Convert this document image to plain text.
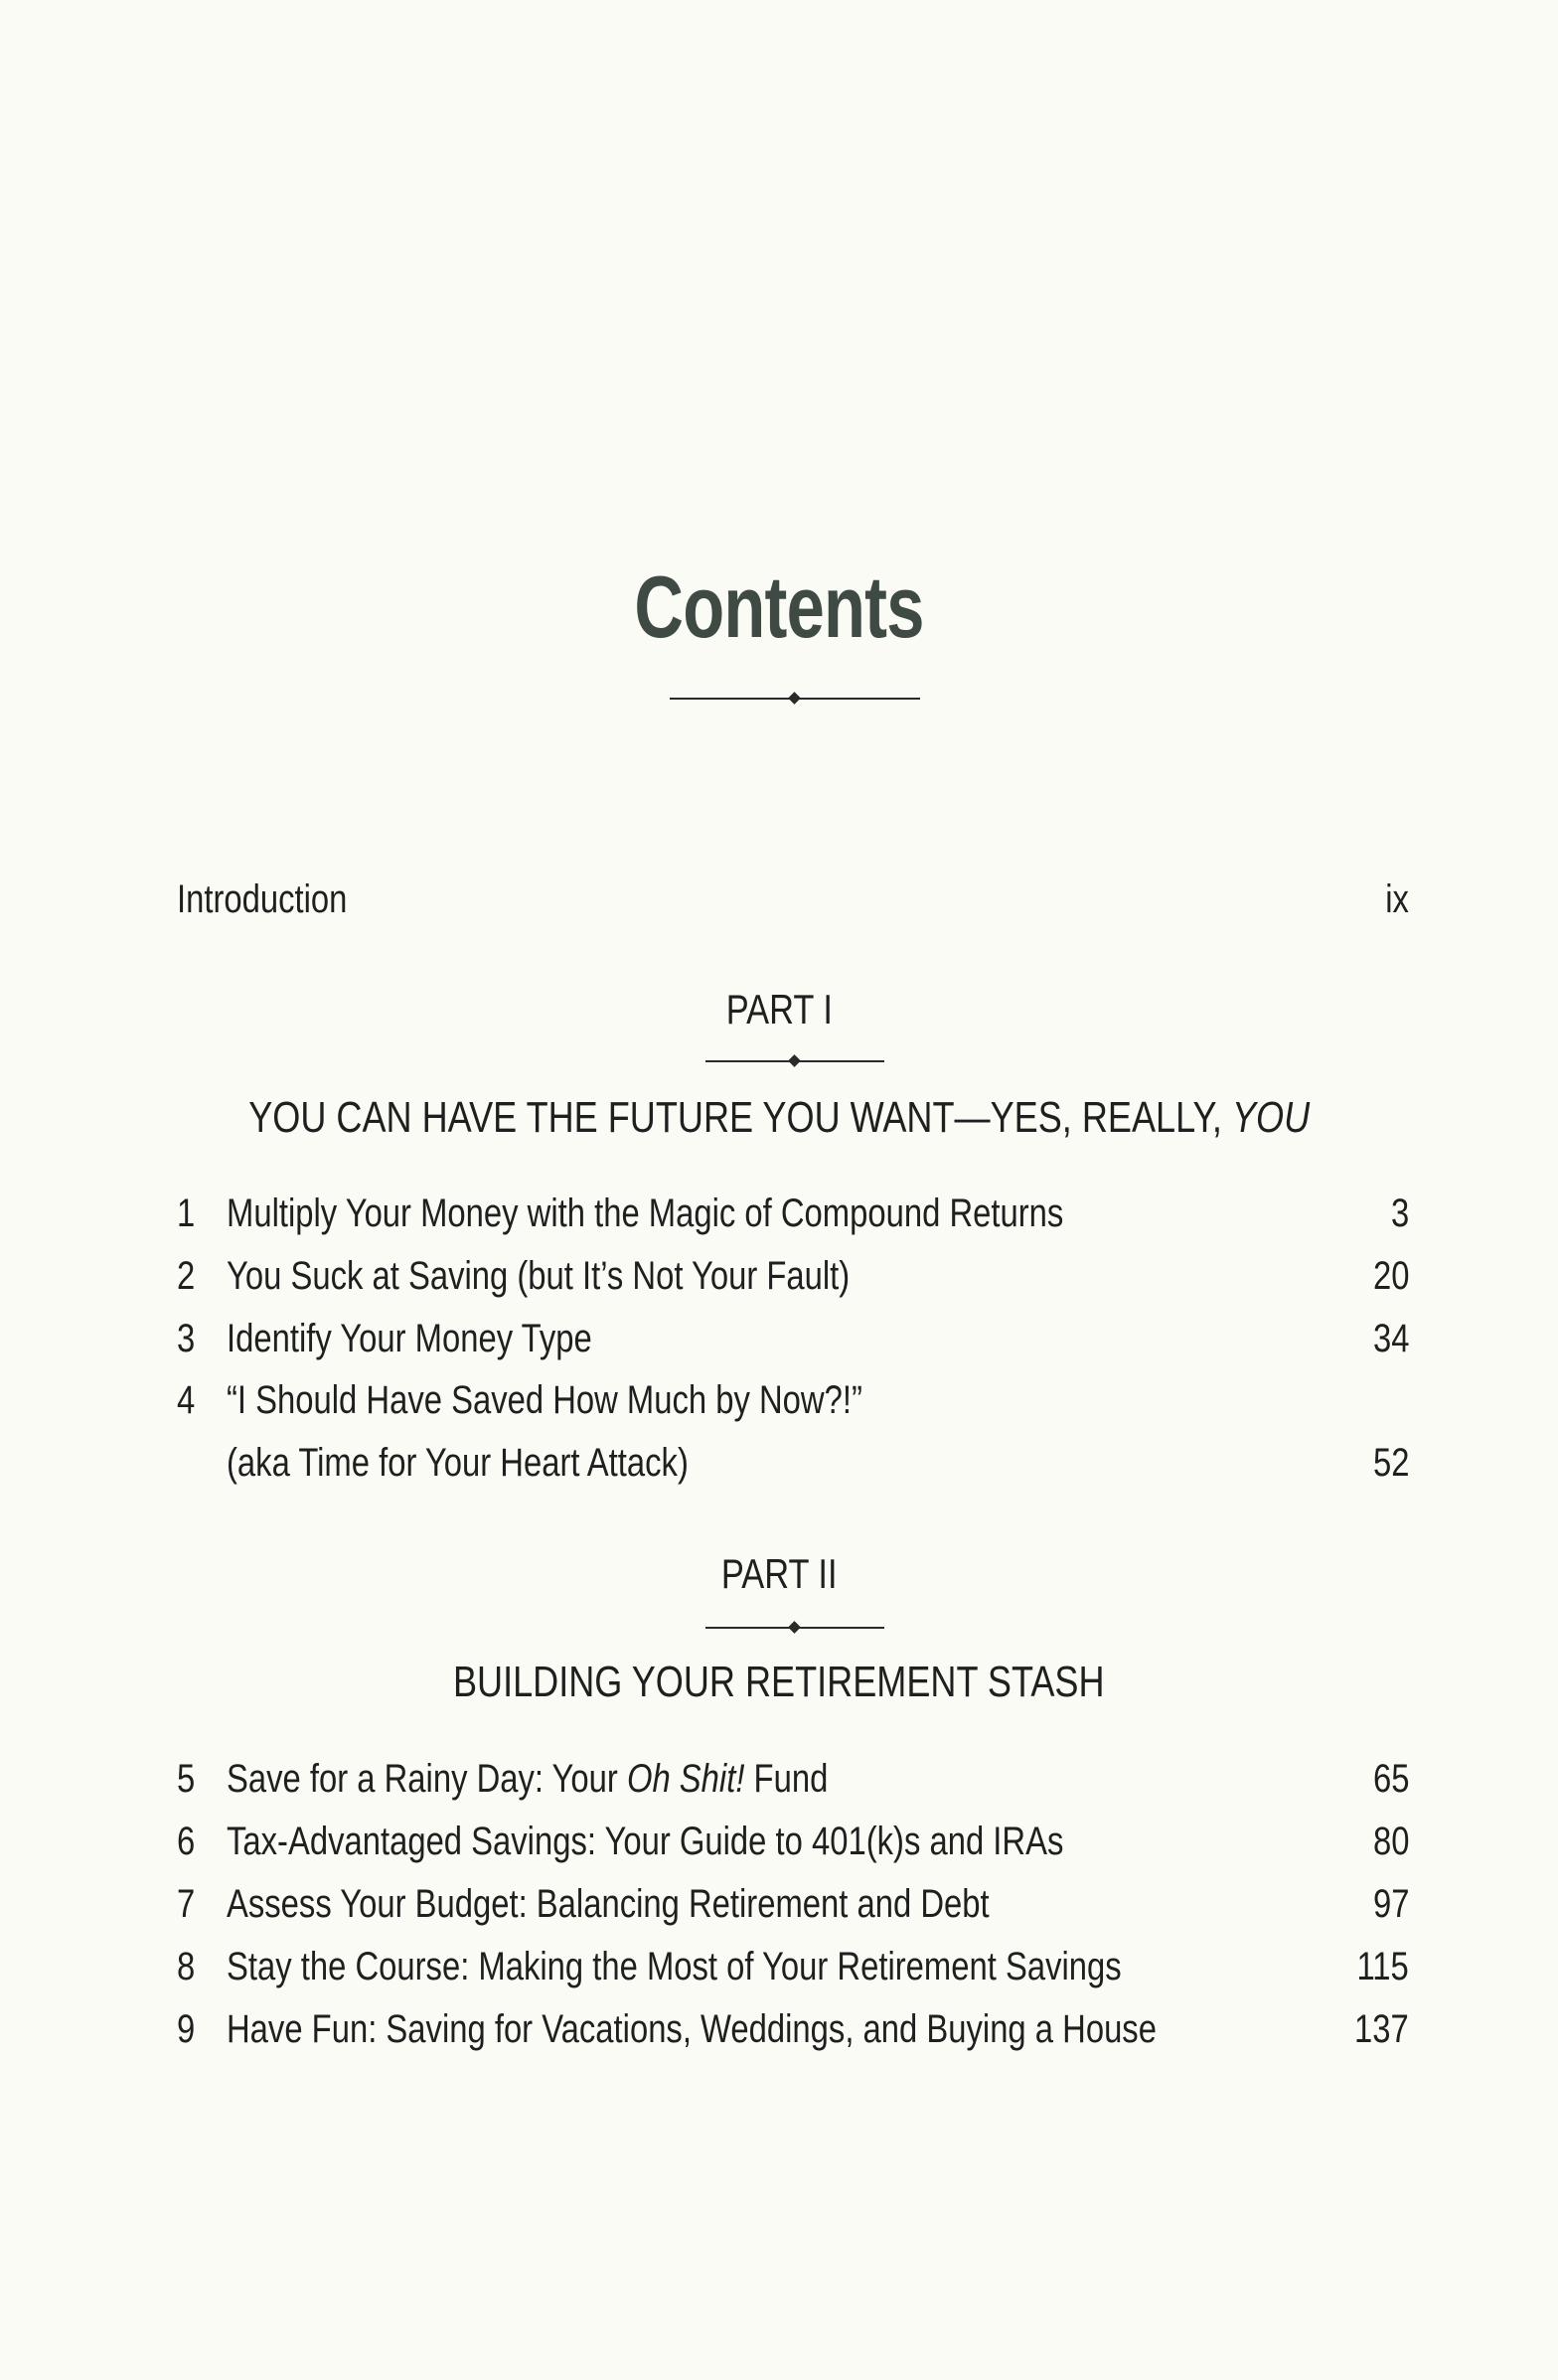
Contents
Introduction	ix
PART I
YOU CAN HAVE THE FUTURE YOU WANT—YES, REALLY, YOU
1 Multiply Your Money with the Magic of Compound Returns	3
2 You Suck at Saving (but It’s Not Your Fault)	20
3 Identify Your Money Type	34
4 “I Should Have Saved How Much by Now?!”
(aka Time for Your Heart Attack)	52
PART II
BUILDING YOUR RETIREMENT STASH
5 Save for a Rainy Day: Your Oh Shit! Fund	65
6 Tax-Advantaged Savings: Your Guide to 401(k)s and IRAs	80
7 Assess Your Budget: Balancing Retirement and Debt	97
8 Stay the Course: Making the Most of Your Retirement Savings	115
9 Have Fun: Saving for Vacations, Weddings, and Buying a House	137
